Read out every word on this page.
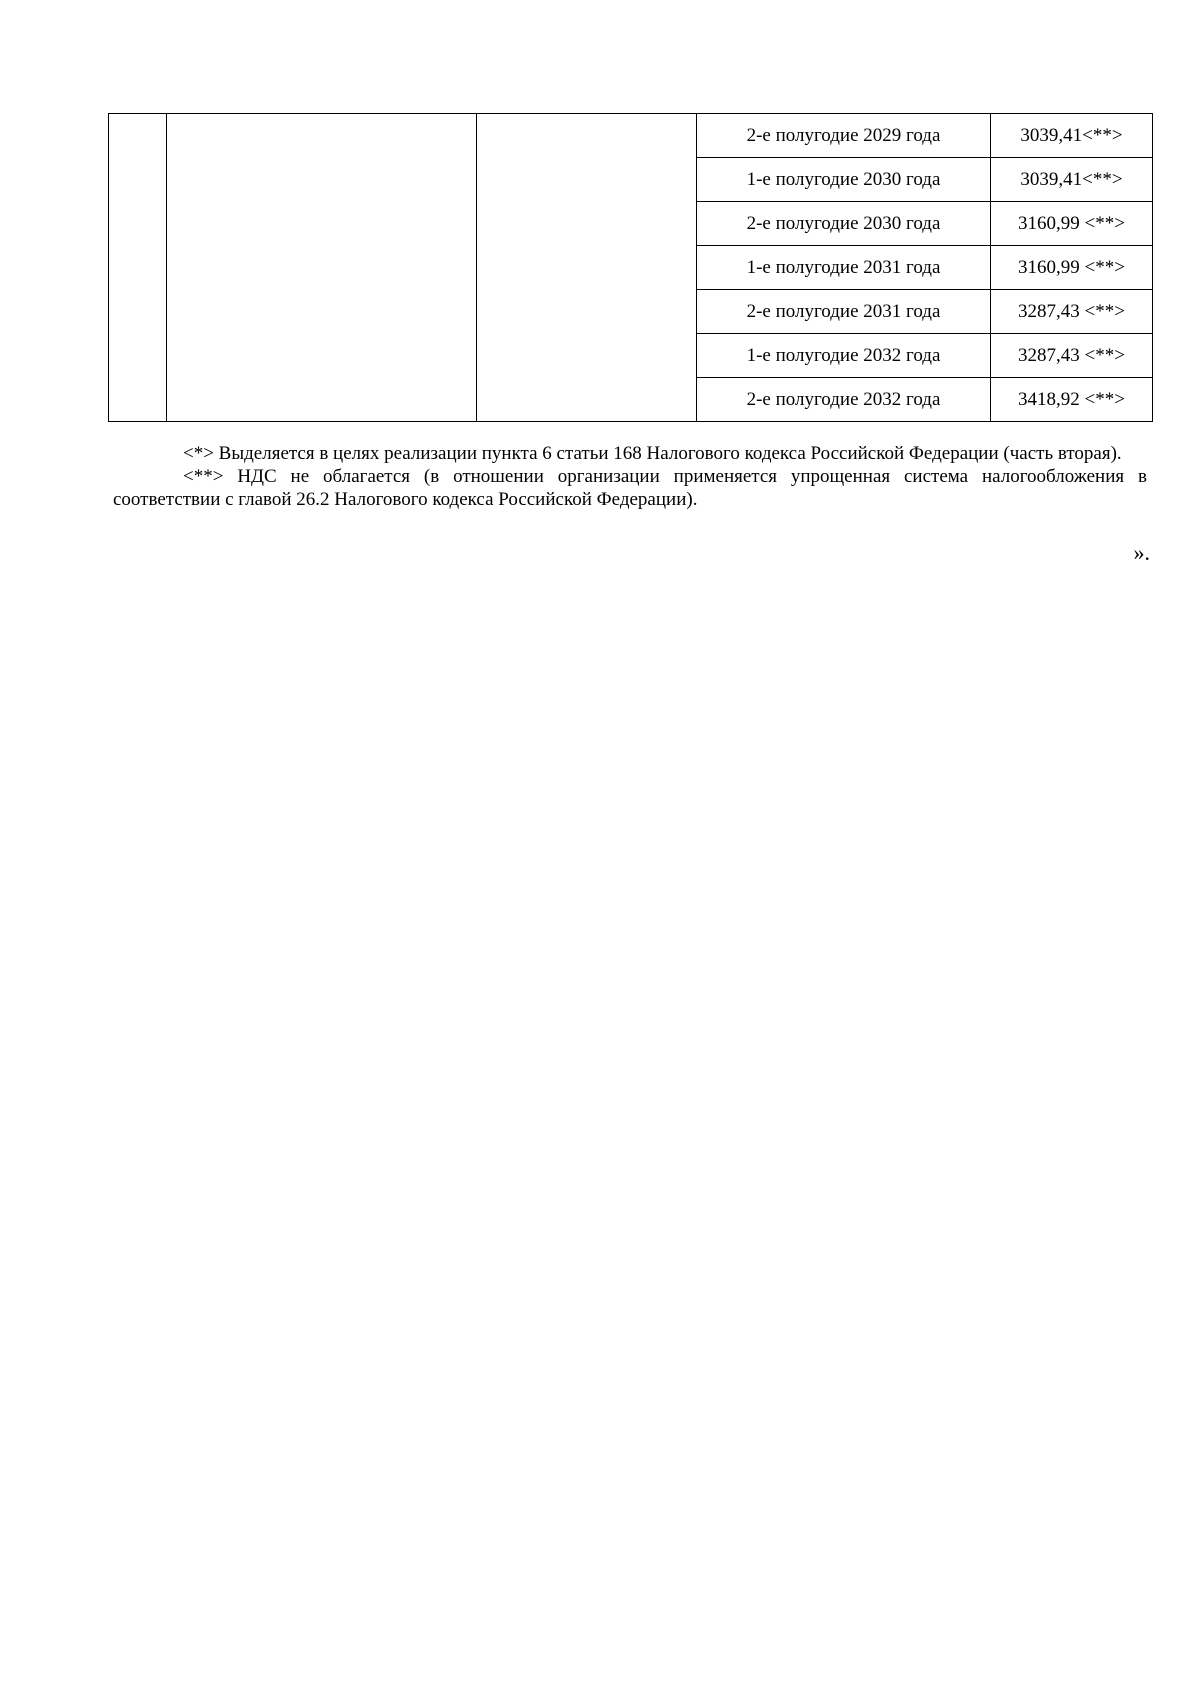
			2-е полугодие 2029 года	3039,41<**>
			1-е полугодие 2030 года	3039,41<**>
			2-е полугодие 2030 года	3160,99 <**>
			1-е полугодие 2031 года	3160,99 <**>
			2-е полугодие 2031 года	3287,43 <**>
			1-е полугодие 2032 года	3287,43 <**>
			2-е полугодие 2032 года	3418,92 <**>

<*> Выделяется в целях реализации пункта 6 статьи 168 Налогового кодекса Российской Федерации (часть вторая).

<**> НДС не облагается (в отношении организации применяется упрощенная система налогообложения в соответствии с главой 26.2 Налогового кодекса Российской Федерации).

».
